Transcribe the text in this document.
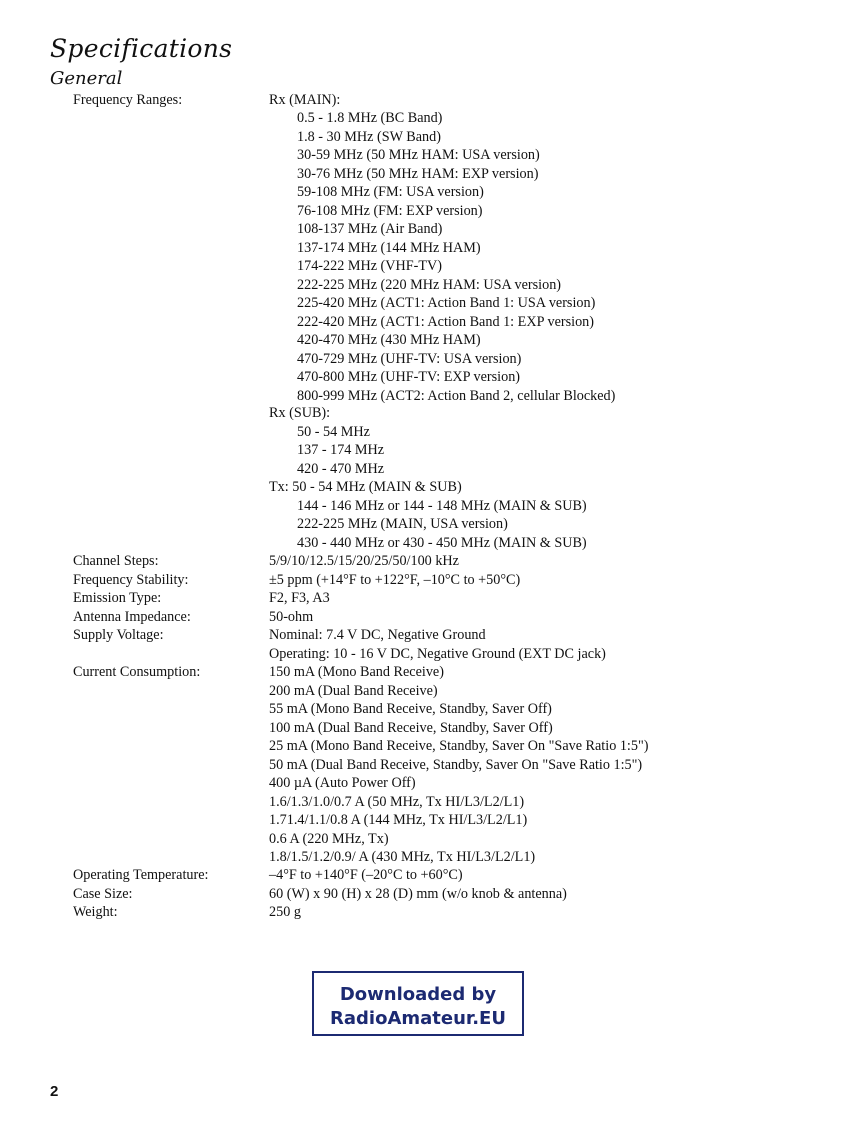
Specifications
General
Frequency Ranges:	Rx (MAIN):
0.5 - 1.8 MHz (BC Band)
1.8 - 30 MHz (SW Band)
30-59 MHz (50 MHz HAM: USA version)
30-76 MHz (50 MHz HAM: EXP version)
59-108 MHz (FM: USA version)
76-108 MHz (FM: EXP version)
108-137 MHz (Air Band)
137-174 MHz (144 MHz HAM)
174-222 MHz (VHF-TV)
222-225 MHz (220 MHz HAM: USA version)
225-420 MHz (ACT1: Action Band 1: USA version)
222-420 MHz (ACT1: Action Band 1: EXP version)
420-470 MHz (430 MHz HAM)
470-729 MHz (UHF-TV: USA version)
470-800 MHz (UHF-TV: EXP version)
800-999 MHz (ACT2: Action Band 2, cellular Blocked)
Rx (SUB):
50 - 54 MHz
137 - 174 MHz
420 - 470 MHz
Tx: 50 - 54 MHz (MAIN & SUB)
144 - 146 MHz or 144 - 148 MHz (MAIN & SUB)
222-225 MHz (MAIN, USA version)
430 - 440 MHz or 430 - 450 MHz (MAIN & SUB)
Channel Steps:	5/9/10/12.5/15/20/25/50/100 kHz
Frequency Stability:	±5 ppm (+14°F to +122°F, –10°C to +50°C)
Emission Type:	F2, F3, A3
Antenna Impedance:	50-ohm
Supply Voltage:	Nominal: 7.4 V DC, Negative Ground
Operating: 10 - 16 V DC, Negative Ground (EXT DC jack)
Current Consumption:	150 mA (Mono Band Receive)
200 mA (Dual Band Receive)
55 mA (Mono Band Receive, Standby, Saver Off)
100 mA (Dual Band Receive, Standby, Saver Off)
25 mA (Mono Band Receive, Standby, Saver On "Save Ratio 1:5")
50 mA (Dual Band Receive, Standby, Saver On "Save Ratio 1:5")
400 µA (Auto Power Off)
1.6/1.3/1.0/0.7 A (50 MHz, Tx HI/L3/L2/L1)
1.71.4/1.1/0.8 A (144 MHz, Tx HI/L3/L2/L1)
0.6 A (220 MHz, Tx)
1.8/1.5/1.2/0.9/ A (430 MHz, Tx HI/L3/L2/L1)
Operating Temperature:	–4°F to +140°F (–20°C to +60°C)
Case Size:	60 (W) x 90 (H) x 28 (D) mm (w/o knob & antenna)
Weight:	250 g
Downloaded by
RadioAmateur.EU
2
